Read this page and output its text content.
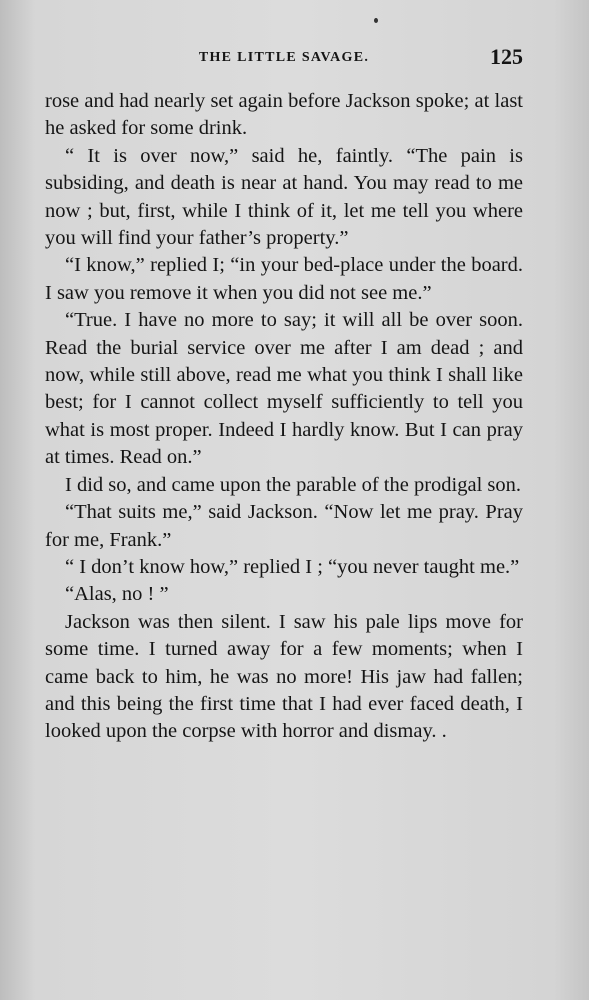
THE LITTLE SAVAGE.	125

rose and had nearly set again before Jackson spoke; at last he asked for some drink.

“ It is over now,” said he, faintly. “The pain is subsiding, and death is near at hand. You may read to me now ; but, first, while I think of it, let me tell you where you will find your father’s property.”

“I know,” replied I; “in your bed-place under the board. I saw you remove it when you did not see me.”

“True. I have no more to say; it will all be over soon. Read the burial service over me after I am dead ; and now, while still above, read me what you think I shall like best; for I cannot collect myself sufficiently to tell you what is most proper. Indeed I hardly know. But I can pray at times. Read on.”

I did so, and came upon the parable of the prodigal son.

“That suits me,” said Jackson. “Now let me pray. Pray for me, Frank.”

“ I don’t know how,” replied I ; “you never taught me.”

“Alas, no ! ”

Jackson was then silent. I saw his pale lips move for some time. I turned away for a few moments; when I came back to him, he was no more! His jaw had fallen; and this being the first time that I had ever faced death, I looked upon the corpse with horror and dismay. .
